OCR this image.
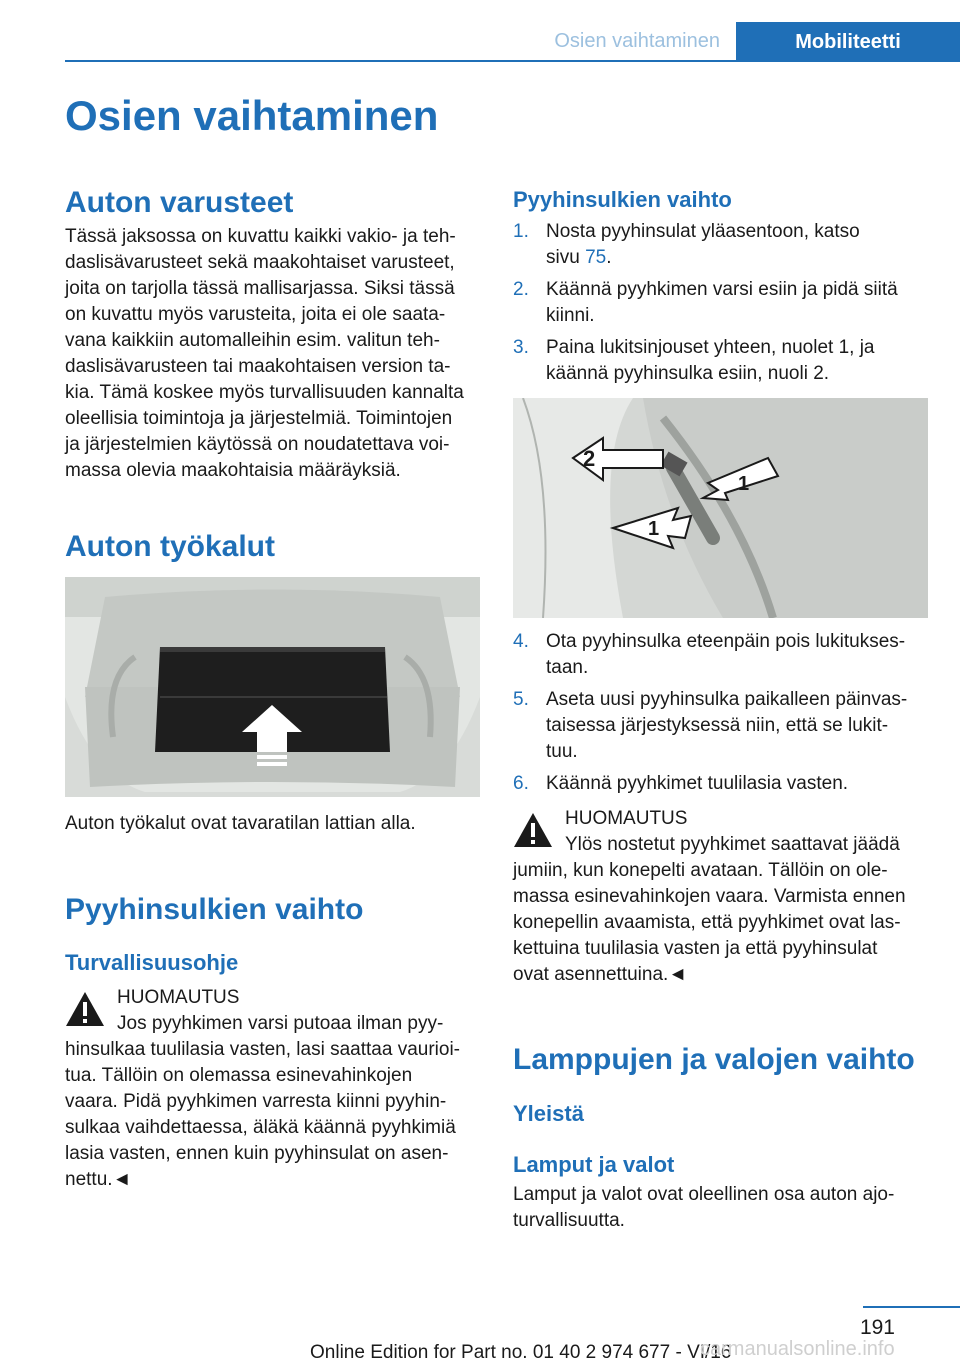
Osien vaihtaminen	Mobiliteetti
Osien vaihtaminen
Auton varusteet
Tässä jaksossa on kuvattu kaikki vakio- ja teh‐
daslisävarusteet sekä maakohtaiset varusteet,
joita on tarjolla tässä mallisarjassa. Siksi tässä
on kuvattu myös varusteita, joita ei ole saata‐
vana kaikkiin automalleihin esim. valitun teh‐
daslisävarusteen tai maakohtaisen version ta‐
kia. Tämä koskee myös turvallisuuden kannalta
oleellisia toimintoja ja järjestelmiä. Toimintojen
ja järjestelmien käytössä on noudatettava voi‐
massa olevia maakohtaisia määräyksiä.
Auton työkalut
Auton työkalut ovat tavaratilan lattian alla.
Pyyhinsulkien vaihto
Turvallisuusohje
HUOMAUTUS
Jos pyyhkimen varsi putoaa ilman pyy‐
hinsulkaa tuulilasia vasten, lasi saattaa vaurioi‐
tua. Tällöin on olemassa esinevahinkojen
vaara. Pidä pyyhkimen varresta kiinni pyyhin‐
sulkaa vaihdettaessa, äläkä käännä pyyhkimiä
lasia vasten, ennen kuin pyyhinsulat on asen‐
nettu.◄
Pyyhinsulkien vaihto
1. Nosta pyyhinsulat yläasentoon, katso
sivu 75.
2. Käännä pyyhkimen varsi esiin ja pidä siitä
kiinni.
3. Paina lukitsinjouset yhteen, nuolet 1, ja
käännä pyyhinsulka esiin, nuoli 2.
2
1
1
4. Ota pyyhinsulka eteenpäin pois lukitukses‐
taan.
5. Aseta uusi pyyhinsulka paikalleen päinvas‐
taisessa järjestyksessä niin, että se lukit‐
tuu.
6. Käännä pyyhkimet tuulilasia vasten.
HUOMAUTUS
Ylös nostetut pyyhkimet saattavat jäädä
jumiin, kun konepelti avataan. Tällöin on ole‐
massa esinevahinkojen vaara. Varmista ennen
konepellin avaamista, että pyyhkimet ovat las‐
kettuina tuulilasia vasten ja että pyyhinsulat
ovat asennettuina.◄
Lamppujen ja valojen vaihto
Yleistä
Lamput ja valot
Lamput ja valot ovat oleellinen osa auton ajo‐
turvallisuutta.
191
Online Edition for Part no. 01 40 2 974 677 - VI/16
carmanualsonline.info
